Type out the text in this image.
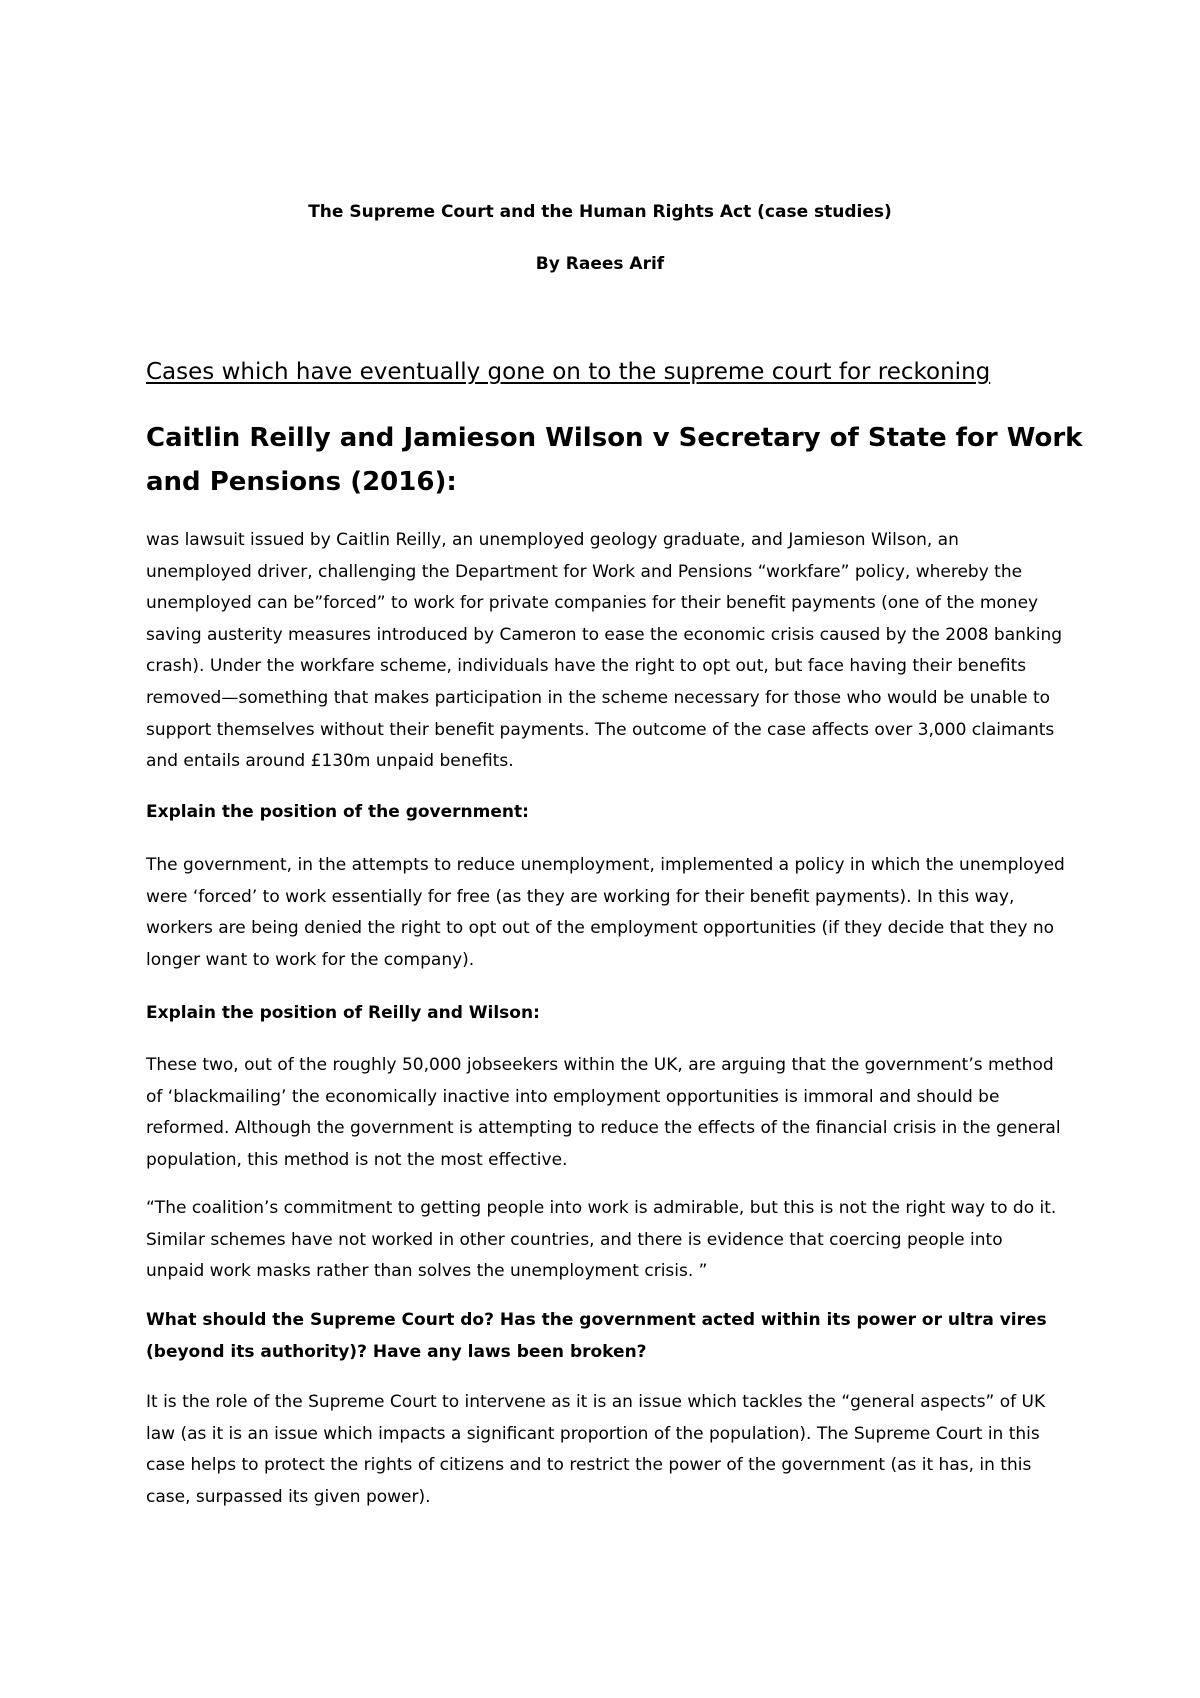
The Supreme Court and the Human Rights Act (case studies)
By Raees Arif
Cases which have eventually gone on to the supreme court for reckoning
Caitlin Reilly and Jamieson Wilson v Secretary of State for Work and Pensions (2016):
was lawsuit issued by Caitlin Reilly, an unemployed geology graduate, and Jamieson Wilson, an unemployed driver, challenging the Department for Work and Pensions “workfare” policy, whereby the unemployed can be”forced” to work for private companies for their benefit payments (one of the money saving austerity measures introduced by Cameron to ease the economic crisis caused by the 2008 banking crash). Under the workfare scheme, individuals have the right to opt out, but face having their benefits removed—something that makes participation in the scheme necessary for those who would be unable to support themselves without their benefit payments. The outcome of the case affects over 3,000 claimants and entails around £130m unpaid benefits.
Explain the position of the government:
The government, in the attempts to reduce unemployment, implemented a policy in which the unemployed were ‘forced’ to work essentially for free (as they are working for their benefit payments). In this way, workers are being denied the right to opt out of the employment opportunities (if they decide that they no longer want to work for the company).
Explain the position of Reilly and Wilson:
These two, out of the roughly 50,000 jobseekers within the UK, are arguing that the government’s method of ‘blackmailing’ the economically inactive into employment opportunities is immoral and should be reformed. Although the government is attempting to reduce the effects of the financial crisis in the general population, this method is not the most effective.
“The coalition’s commitment to getting people into work is admirable, but this is not the right way to do it. Similar schemes have not worked in other countries, and there is evidence that coercing people into unpaid work masks rather than solves the unemployment crisis. ”
What should the Supreme Court do? Has the government acted within its power or ultra vires (beyond its authority)? Have any laws been broken?
It is the role of the Supreme Court to intervene as it is an issue which tackles the “general aspects” of UK law (as it is an issue which impacts a significant proportion of the population). The Supreme Court in this case helps to protect the rights of citizens and to restrict the power of the government (as it has, in this case, surpassed its given power).
